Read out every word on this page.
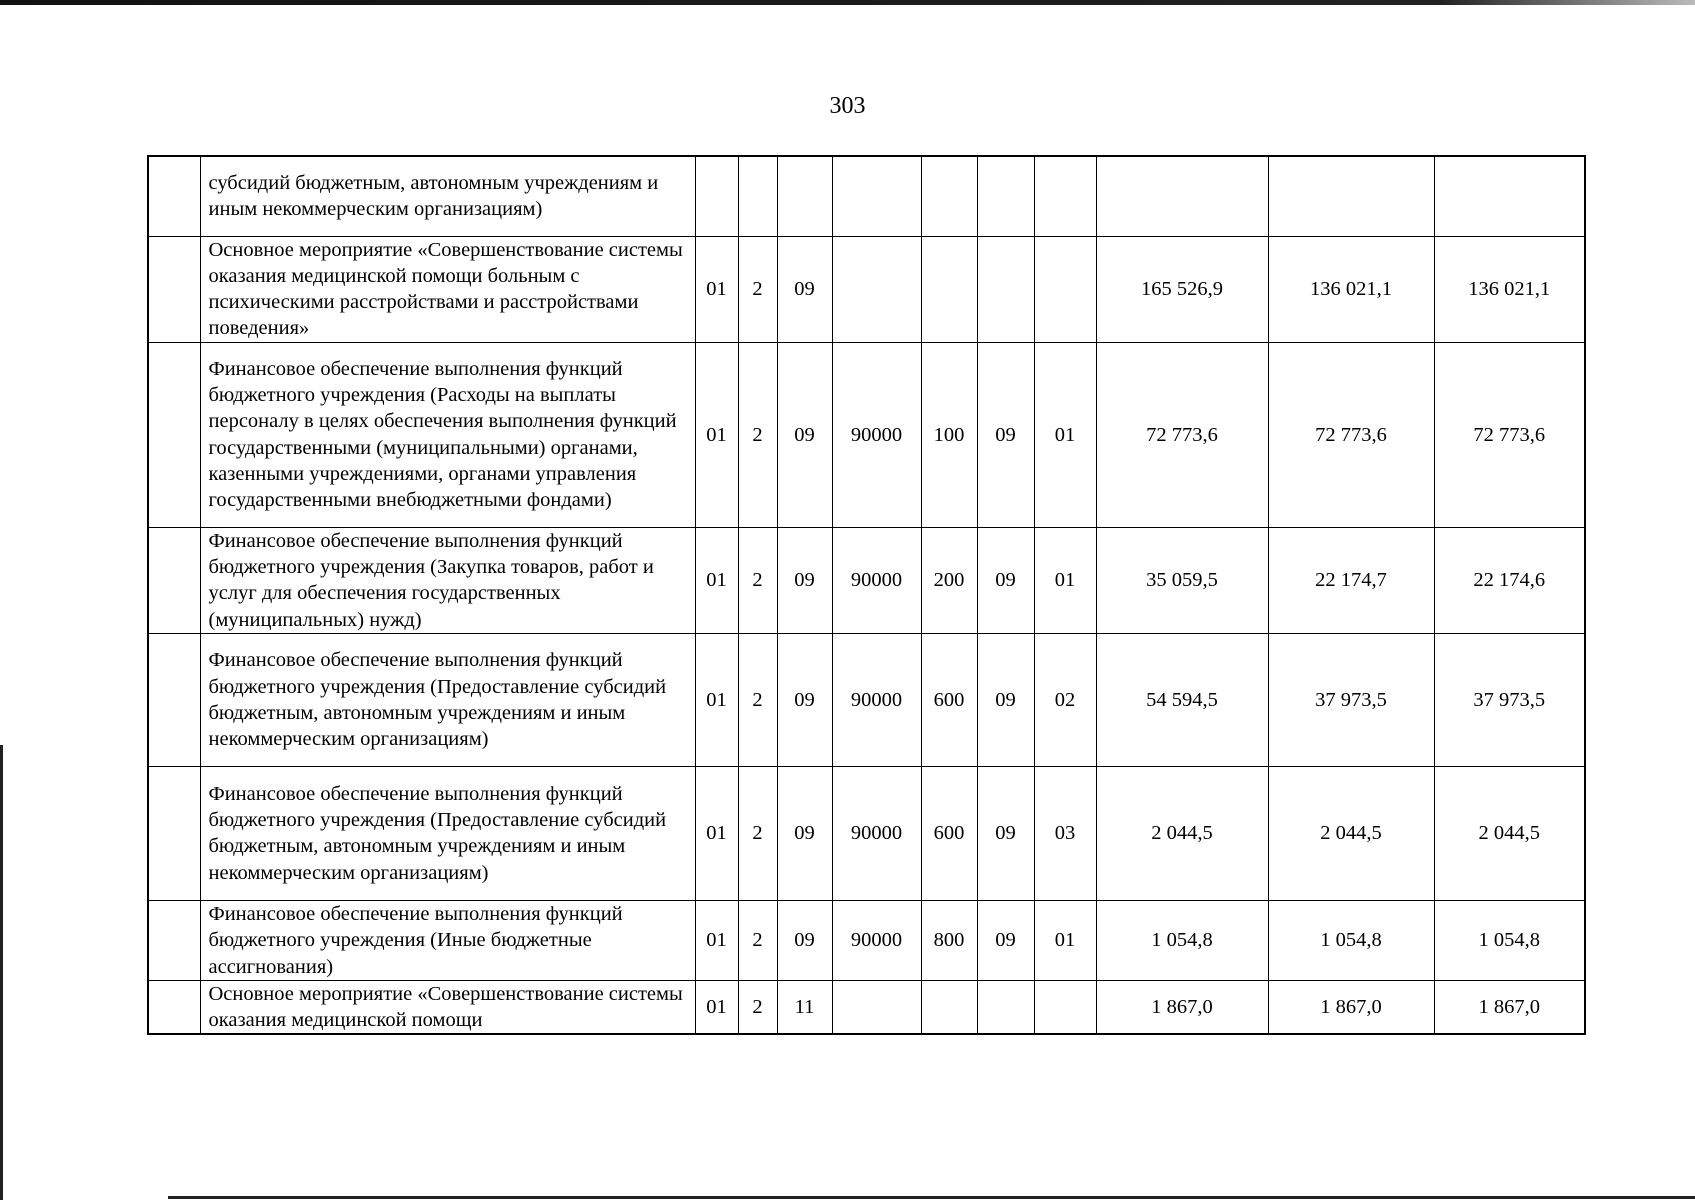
303
	субсидий бюджетным, автономным учреждениям и иным некоммерческим организациям)										
	Основное мероприятие «Совершенствование системы оказания медицинской помощи больным с психическими расстройствами и расстройствами поведения»	01	2	09					165 526,9	136 021,1	136 021,1
	Финансовое обеспечение выполнения функций бюджетного учреждения (Расходы на выплаты персоналу в целях обеспечения выполнения функций государственными (муниципальными) органами, казенными учреждениями, органами управления государственными внебюджетными фондами)	01	2	09	90000	100	09	01	72 773,6	72 773,6	72 773,6
	Финансовое обеспечение выполнения функций бюджетного учреждения (Закупка товаров, работ и услуг для обеспечения государственных (муниципальных) нужд)	01	2	09	90000	200	09	01	35 059,5	22 174,7	22 174,6
	Финансовое обеспечение выполнения функций бюджетного учреждения (Предоставление субсидий бюджетным, автономным учреждениям и иным некоммерческим организациям)	01	2	09	90000	600	09	02	54 594,5	37 973,5	37 973,5
	Финансовое обеспечение выполнения функций бюджетного учреждения (Предоставление субсидий бюджетным, автономным учреждениям и иным некоммерческим организациям)	01	2	09	90000	600	09	03	2 044,5	2 044,5	2 044,5
	Финансовое обеспечение выполнения функций бюджетного учреждения (Иные бюджетные ассигнования)	01	2	09	90000	800	09	01	1 054,8	1 054,8	1 054,8
	Основное мероприятие «Совершенствование системы оказания медицинской помощи	01	2	11					1 867,0	1 867,0	1 867,0
